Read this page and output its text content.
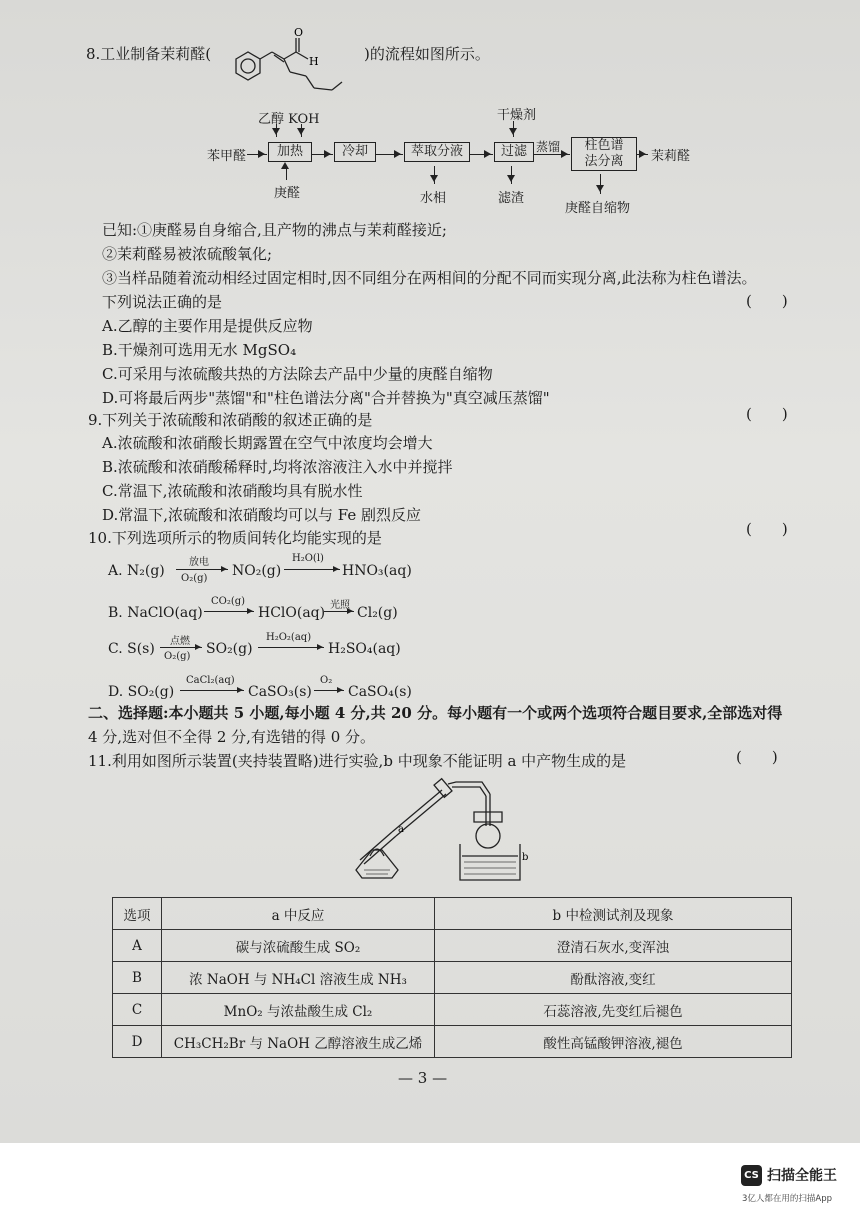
8.工业制备茉莉醛(
O
H	)的流程如图所示。
乙醇 KOH	干燥剂
苯甲醛	加热	冷却	萃取分液	过滤 蒸馏	柱色谱
法分离	茉莉醛
庚醛	水相	滤渣
庚醛自缩物
已知:①庚醛易自身缩合,且产物的沸点与茉莉醛接近;
②茉莉醛易被浓硫酸氧化;
③当样品随着流动相经过固定相时,因不同组分在两相间的分配不同而实现分离,此法称为柱色谱法。
下列说法正确的是	(　　)
A.乙醇的主要作用是提供反应物
B.干燥剂可选用无水 MgSO₄
C.可采用与浓硫酸共热的方法除去产品中少量的庚醛自缩物
D.可将最后两步"蒸馏"和"柱色谱法分离"合并替换为"真空减压蒸馏"
9.下列关于浓硫酸和浓硝酸的叙述正确的是	(　　)
A.浓硫酸和浓硝酸长期露置在空气中浓度均会增大
B.浓硫酸和浓硝酸稀释时,均将浓溶液注入水中并搅拌
C.常温下,浓硫酸和浓硝酸均具有脱水性
D.常温下,浓硫酸和浓硝酸均可以与 Fe 剧烈反应
10.下列选项所示的物质间转化均能实现的是	(　　)
A. N₂(g)
放电
O₂(g) NO₂(g)
H₂O(l)
→ HNO₃(aq)
B. NaClO(aq)
CO₂(g)
→ HClO(aq) 光照 → Cl₂(g)
C. S(s) 点燃
O₂(g) SO₂(g)
H₂O₂(aq)
H₂SO₄(aq)
D. SO₂(g)
CaCl₂(aq)
→ CaSO₃(s)
O₂
→ CaSO₄(s)
二、选择题:本小题共 5 小题,每小题 4 分,共 20 分。每小题有一个或两个选项符合题目要求,全部选对得
4 分,选对但不全得 2 分,有选错的得 0 分。
11.利用如图所示装置(夹持装置略)进行实验,b 中现象不能证明 a 中产物生成的是	(　　)
a
b
选项	a 中反应	b 中检测试剂及现象
A	碳与浓硫酸生成 SO₂	澄清石灰水,变浑浊
B	浓 NaOH 与 NH₄Cl 溶液生成 NH₃	酚酞溶液,变红
C	MnO₂ 与浓盐酸生成 Cl₂	石蕊溶液,先变红后褪色
D	CH₃CH₂Br 与 NaOH 乙醇溶液生成乙烯	酸性高锰酸钾溶液,褪色
— 3 —
CS 扫描全能王
3亿人都在用的扫描App
